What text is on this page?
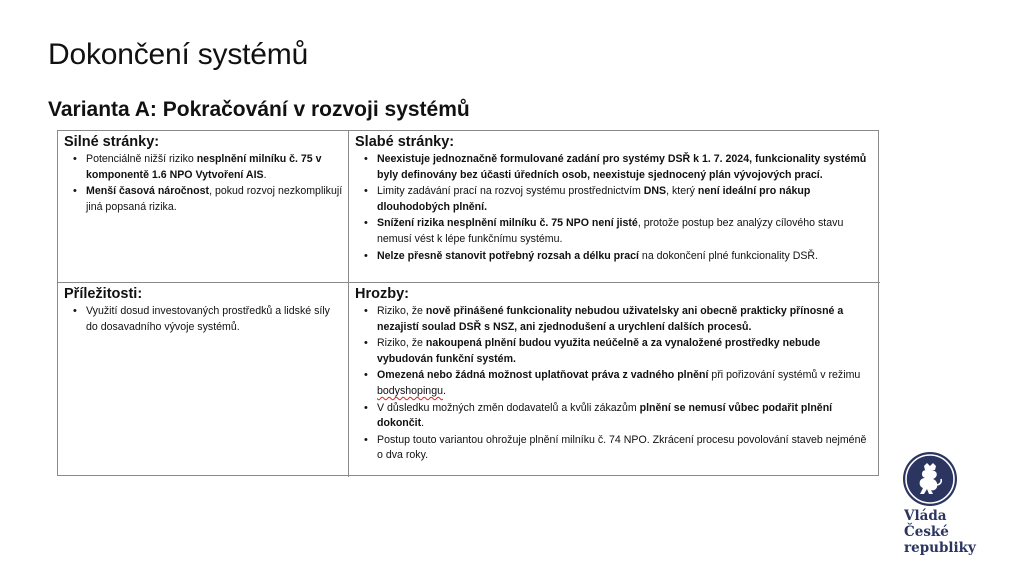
Dokončení systémů
Varianta A: Pokračování v rozvoji systémů
Silné stránky:
• Potenciálně nižší riziko nesplnění milníku č. 75 v komponentě 1.6 NPO Vytvoření AIS.
• Menší časová náročnost, pokud rozvoj nezkomplikují jiná popsaná rizika.
Slabé stránky:
• Neexistuje jednoznačně formulované zadání pro systémy DSŘ k 1. 7. 2024, funkcionality systémů byly definovány bez účasti úředních osob, neexistuje sjednocený plán vývojových prací.
• Limity zadávání prací na rozvoj systému prostřednictvím DNS, který není ideální pro nákup dlouhodobých plnění.
• Snížení rizika nesplnění milníku č. 75 NPO není jisté, protože postup bez analýzy cílového stavu nemusí vést k lépe funkčnímu systému.
• Nelze přesně stanovit potřebný rozsah a délku prací na dokončení plné funkcionality DSŘ.
Příležitosti:
• Využití dosud investovaných prostředků a lidské síly do dosavadního vývoje systémů.
Hrozby:
• Riziko, že nově přinášené funkcionality nebudou uživatelsky ani obecně prakticky přínosné a nezajistí soulad DSŘ s NSZ, ani zjednodušení a urychlení dalších procesů.
• Riziko, že nakoupená plnění budou využita neúčelně a za vynaložené prostředky nebude vybudován funkční systém.
• Omezená nebo žádná možnost uplatňovat práva z vadného plnění při pořizování systémů v režimu bodyshopingu.
• V důsledku možných změn dodavatelů a kvůli zákazům plnění se nemusí vůbec podařit plnění dokončit.
• Postup touto variantou ohrožuje plnění milníku č. 74 NPO. Zkrácení procesu povolování staveb nejméně o dva roky.
Vláda
České republiky
